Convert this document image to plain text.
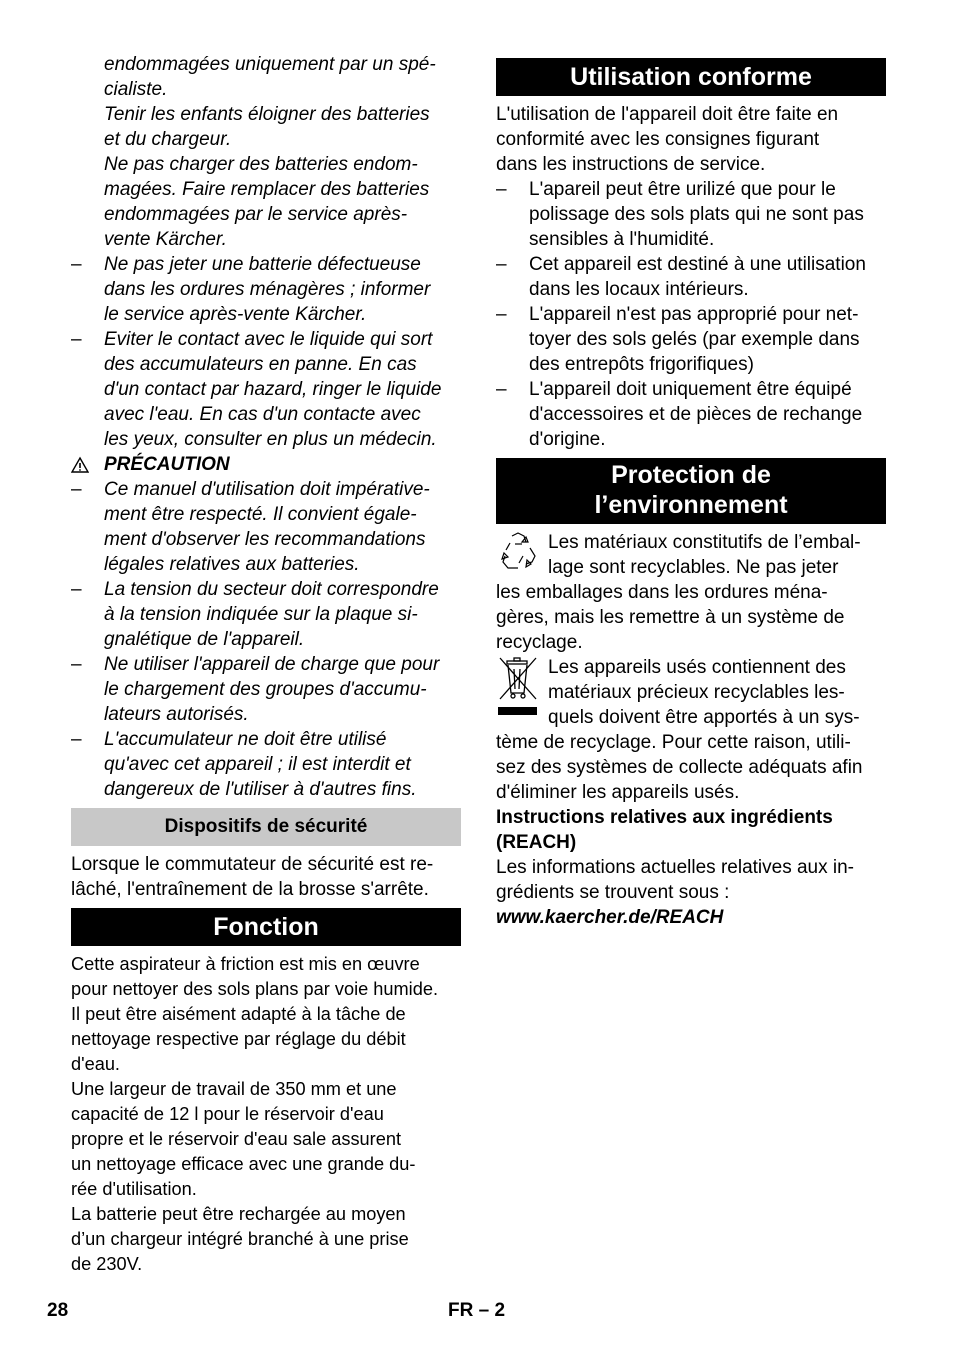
endommagées uniquement par un spé-
cialiste.
Tenir les enfants éloigner des batteries
et du chargeur.
Ne pas charger des batteries endom-
magées. Faire remplacer des batteries
endommagées par le service après-
vente Kärcher.
– Ne pas jeter une batterie défectueuse
dans les ordures ménagères ; informer
le service après-vente Kärcher.
– Eviter le contact avec le liquide qui sort
des accumulateurs en panne. En cas
d'un contact par hazard, ringer le liquide
avec l'eau. En cas d'un contacte avec
les yeux, consulter en plus un médecin.
PRÉCAUTION
– Ce manuel d'utilisation doit impérative-
ment être respecté. Il convient égale-
ment d'observer les recommandations
légales relatives aux batteries.
– La tension du secteur doit correspondre
à la tension indiquée sur la plaque si-
gnalétique de l'appareil.
– Ne utiliser l'appareil de charge que pour
le chargement des groupes d'accumu-
lateurs autorisés.
– L'accumulateur ne doit être utilisé
qu'avec cet appareil ; il est interdit et
dangereux de l'utiliser à d'autres fins.
Dispositifs de sécurité
Lorsque le commutateur de sécurité est re-
lâché, l'entraînement de la brosse s'arrête.
Fonction
Cette aspirateur à friction est mis en œuvre
pour nettoyer des sols plans par voie humide.
Il peut être aisément adapté à la tâche de
nettoyage respective par réglage du débit
d'eau.
Une largeur de travail de 350 mm et une
capacité de 12 l pour le réservoir d'eau
propre et le réservoir d'eau sale assurent
un nettoyage efficace avec une grande du-
rée d'utilisation.
La batterie peut être rechargée au moyen
d’un chargeur intégré branché à une prise
de 230V.
Utilisation conforme
L'utilisation de l'appareil doit être faite en
conformité avec les consignes figurant
dans les instructions de service.
– L'apareil peut être urilizé que pour le
polissage des sols plats qui ne sont pas
sensibles à l'humidité.
– Cet appareil est destiné à une utilisation
dans les locaux intérieurs.
– L'appareil n'est pas approprié pour net-
toyer des sols gelés (par exemple dans
des entrepôts frigorifiques)
– L'appareil doit uniquement être équipé
d'accessoires et de pièces de rechange
d'origine.
Protection de
l’environnement
Les matériaux constitutifs de l’embal-
lage sont recyclables. Ne pas jeter
les emballages dans les ordures ména-
gères, mais les remettre à un système de
recyclage.
Les appareils usés contiennent des
matériaux précieux recyclables les-
quels doivent être apportés à un sys-
tème de recyclage. Pour cette raison, utili-
sez des systèmes de collecte adéquats afin
d'éliminer les appareils usés.
Instructions relatives aux ingrédients
(REACH)
Les informations actuelles relatives aux in-
grédients se trouvent sous :
www.kaercher.de/REACH
28	FR – 2
